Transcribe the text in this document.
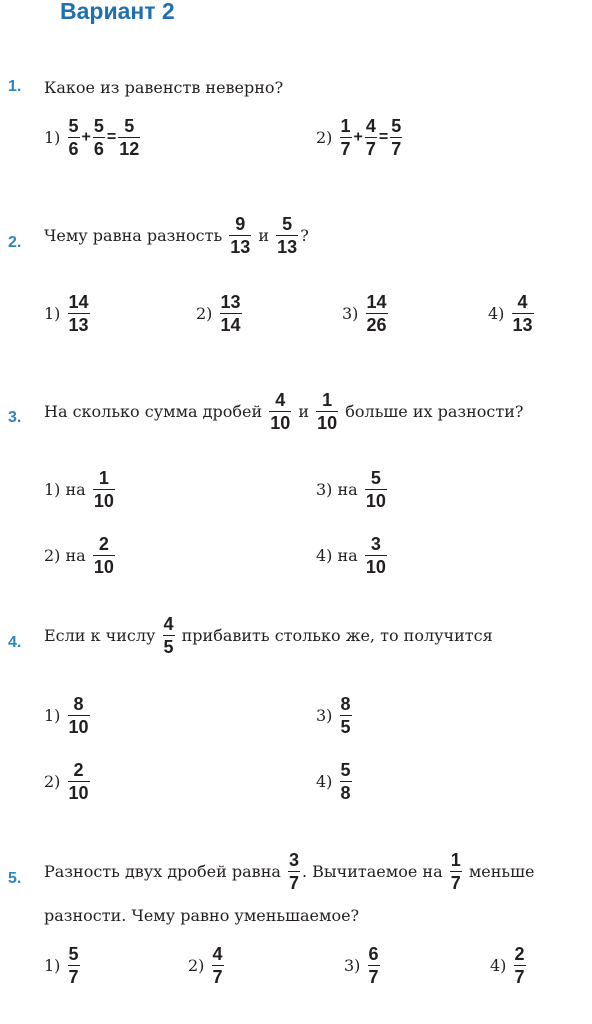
Вариант 2
1. Какое из равенств неверно?
$1) \frac{5}{6} + \frac{5}{6} = \frac{5}{12}$	$2) \frac{1}{7} + \frac{4}{7} = \frac{5}{7}$
2. Чему равна разность $\frac{9}{13}$ и $\frac{5}{13}$ ?
$1) \frac{14}{13}$	$2) \frac{13}{14}$	$3) \frac{14}{26}$	$4) \frac{4}{13}$
3. На сколько сумма дробей $\frac{4}{10}$ и $\frac{1}{10}$ больше их разности?
1) на $\frac{1}{10}$	3) на $\frac{5}{10}$
2) на $\frac{2}{10}$	4) на $\frac{3}{10}$
4. Если к числу $\frac{4}{5}$ прибавить столько же, то получится
$1) \frac{8}{10}$	$3) \frac{8}{5}$
$2) \frac{2}{10}$	$4) \frac{5}{8}$
5. Разность двух дробей равна $\frac{3}{7}$ . Вычитаемое на $\frac{1}{7}$ меньше
разности. Чему равно уменьшаемое?
$1) \frac{5}{7}$	$2) \frac{4}{7}$	$3) \frac{6}{7}$	$4) \frac{2}{7}$
